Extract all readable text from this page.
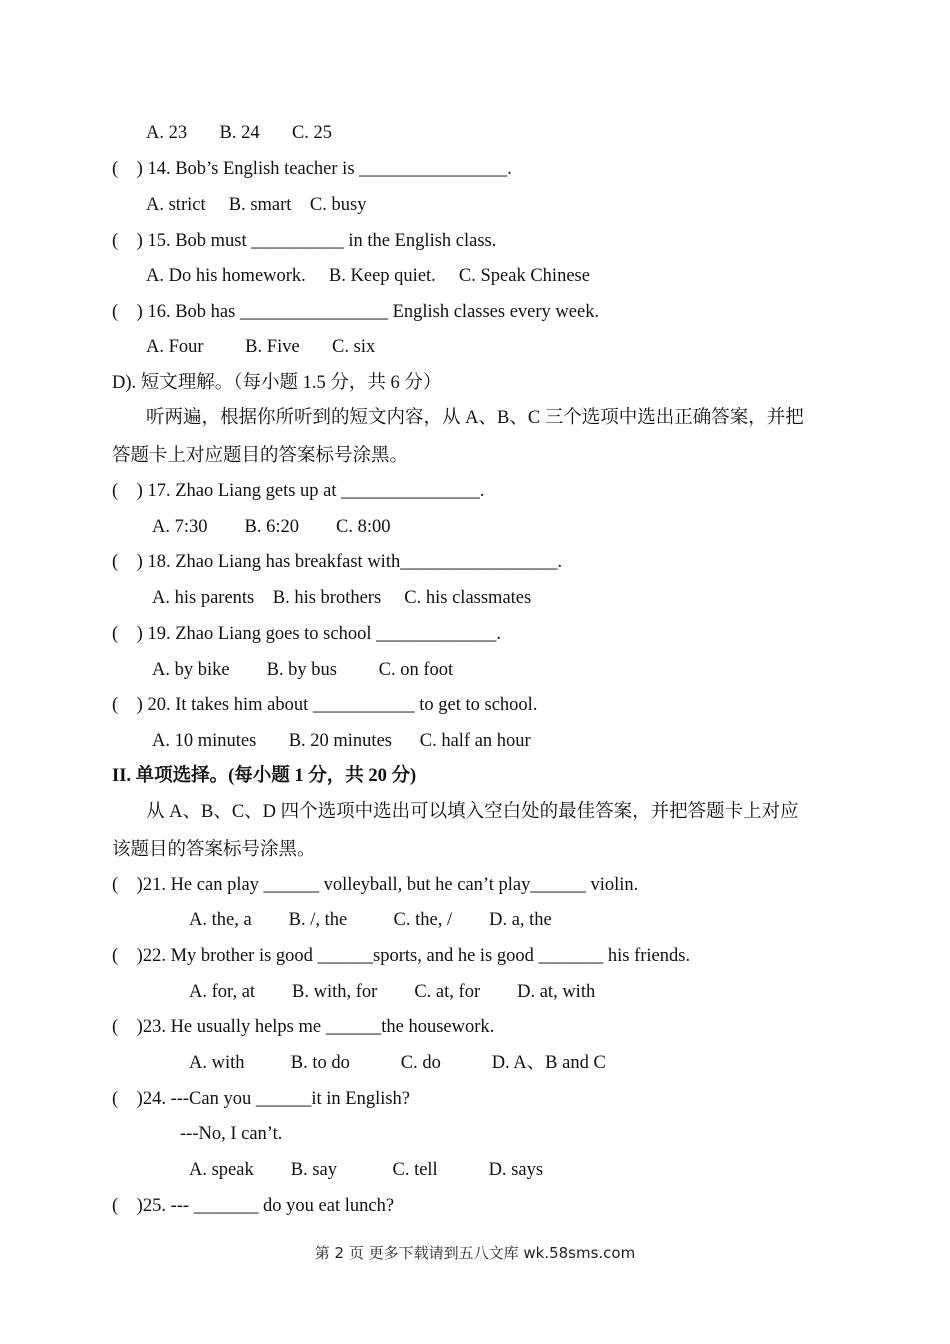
A. 23       B. 24       C. 25
(    ) 14. Bob’s English teacher is ________________.
A. strict     B. smart    C. busy
(    ) 15. Bob must __________ in the English class.
A. Do his homework.     B. Keep quiet.     C. Speak Chinese
(    ) 16. Bob has ________________ English classes every week.
A. Four         B. Five       C. six
D). 短文理解。（每小题 1.5 分，共 6 分）
听两遍，根据你所听到的短文内容，从 A、B、C 三个选项中选出正确答案，并把
答题卡上对应题目的答案标号涂黑。
(    ) 17. Zhao Liang gets up at _______________.
A. 7:30        B. 6:20        C. 8:00
(    ) 18. Zhao Liang has breakfast with_________________.
A. his parents    B. his brothers     C. his classmates
(    ) 19. Zhao Liang goes to school _____________.
A. by bike        B. by bus         C. on foot
(    ) 20. It takes him about ___________ to get to school.
A. 10 minutes       B. 20 minutes      C. half an hour
II. 单项选择。(每小题 1 分，共 20 分)
从 A、B、C、D 四个选项中选出可以填入空白处的最佳答案，并把答题卡上对应
该题目的答案标号涂黑。
(    )21. He can play ______ volleyball, but he can’t play______ violin.
A. the, a        B. /, the          C. the, /        D. a, the
(    )22. My brother is good ______sports, and he is good _______ his friends.
A. for, at        B. with, for        C. at, for        D. at, with
(    )23. He usually helps me ______the housework.
A. with          B. to do           C. do           D. A、B and C
(    )24. ---Can you ______it in English?
---No, I can’t.
A. speak        B. say            C. tell           D. says
(    )25. --- _______ do you eat lunch?
第 2 页 更多下载请到五八文库 wk.58sms.com
